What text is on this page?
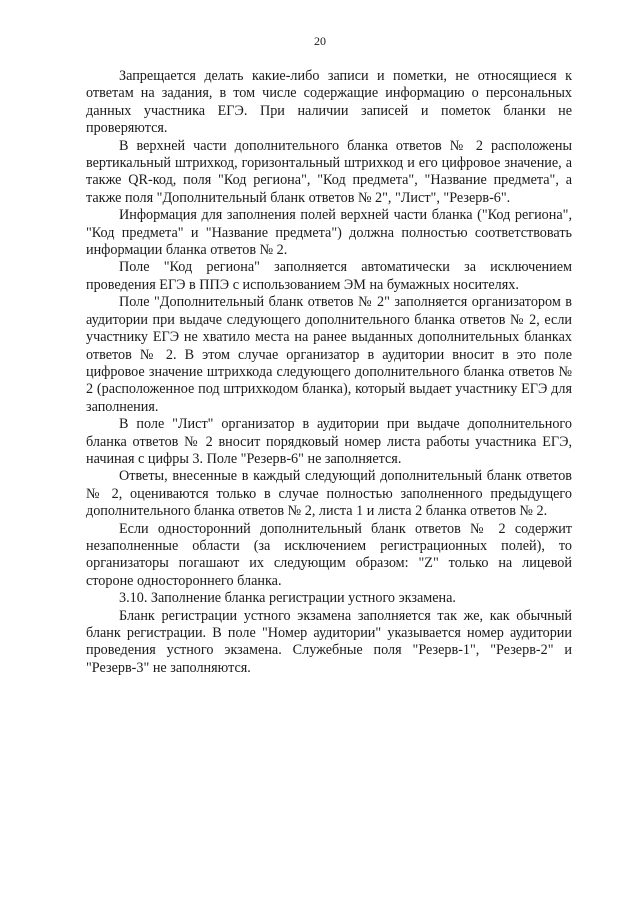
20

Запрещается делать какие-либо записи и пометки, не относящиеся к ответам на задания, в том числе содержащие информацию о персональных данных участника ЕГЭ. При наличии записей и пометок бланки не проверяются.

В верхней части дополнительного бланка ответов № 2 расположены вертикальный штрихкод, горизонтальный штрихкод и его цифровое значение, а также QR-код, поля "Код региона", "Код предмета", "Название предмета", а также поля "Дополнительный бланк ответов № 2", "Лист", "Резерв-6".

Информация для заполнения полей верхней части бланка ("Код региона", "Код предмета" и "Название предмета") должна полностью соответствовать информации бланка ответов № 2.

Поле "Код региона" заполняется автоматически за исключением проведения ЕГЭ в ППЭ с использованием ЭМ на бумажных носителях.

Поле "Дополнительный бланк ответов № 2" заполняется организатором в аудитории при выдаче следующего дополнительного бланка ответов № 2, если участнику ЕГЭ не хватило места на ранее выданных дополнительных бланках ответов № 2. В этом случае организатор в аудитории вносит в это поле цифровое значение штрихкода следующего дополнительного бланка ответов № 2 (расположенное под штрихкодом бланка), который выдает участнику ЕГЭ для заполнения.

В поле "Лист" организатор в аудитории при выдаче дополнительного бланка ответов № 2 вносит порядковый номер листа работы участника ЕГЭ, начиная с цифры 3. Поле "Резерв-6" не заполняется.

Ответы, внесенные в каждый следующий дополнительный бланк ответов № 2, оцениваются только в случае полностью заполненного предыдущего дополнительного бланка ответов № 2, листа 1 и листа 2 бланка ответов № 2.

Если односторонний дополнительный бланк ответов № 2 содержит незаполненные области (за исключением регистрационных полей), то организаторы погашают их следующим образом: "Z" только на лицевой стороне одностороннего бланка.

3.10. Заполнение бланка регистрации устного экзамена.

Бланк регистрации устного экзамена заполняется так же, как обычный бланк регистрации. В поле "Номер аудитории" указывается номер аудитории проведения устного экзамена. Служебные поля "Резерв-1", "Резерв-2" и "Резерв-3" не заполняются.
